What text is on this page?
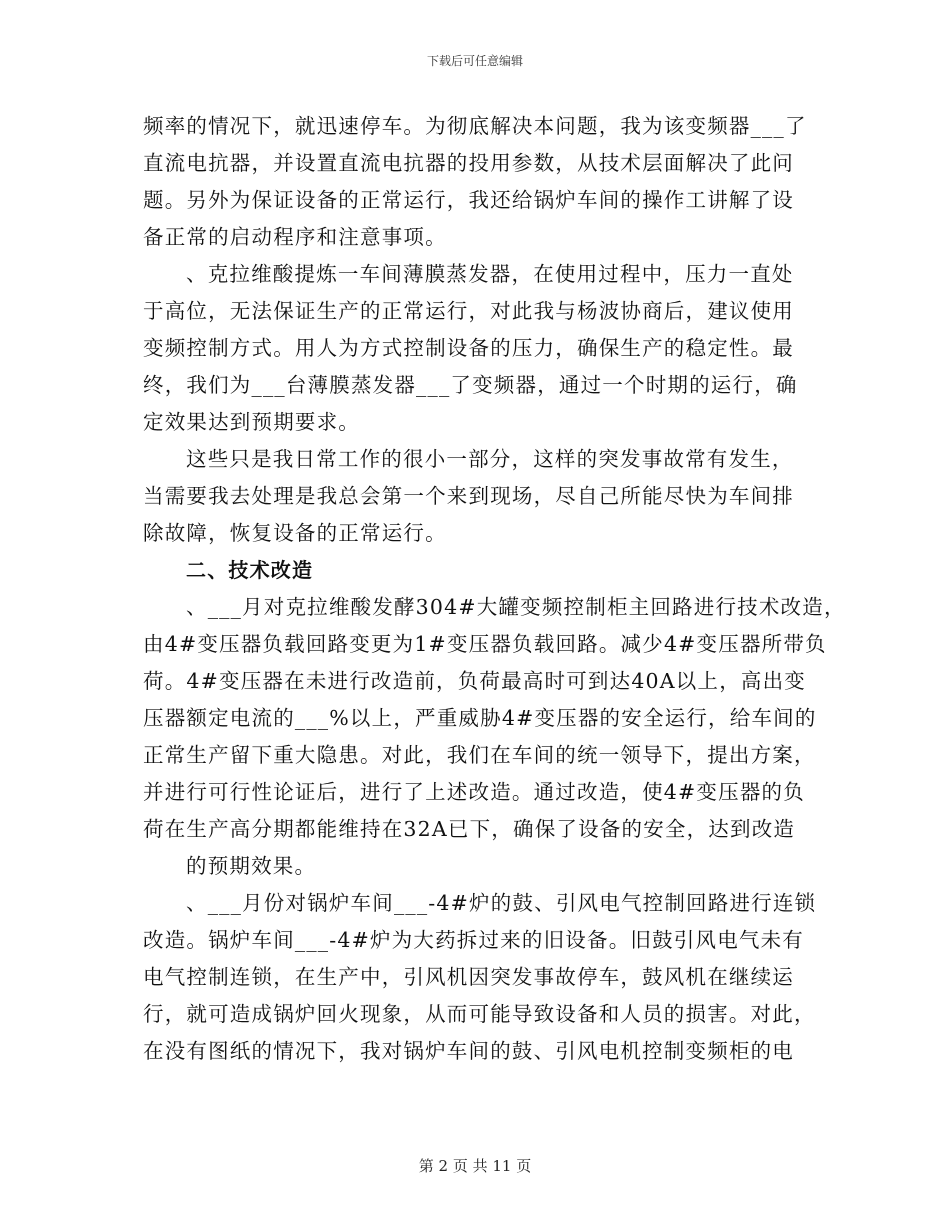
下载后可任意编辑
频率的情况下，就迅速停车。为彻底解决本问题，我为该变频器___了
直流电抗器，并设置直流电抗器的投用参数，从技术层面解决了此问
题。另外为保证设备的正常运行，我还给锅炉车间的操作工讲解了设
备正常的启动程序和注意事项。
、克拉维酸提炼一车间薄膜蒸发器，在使用过程中，压力一直处
于高位，无法保证生产的正常运行，对此我与杨波协商后，建议使用
变频控制方式。用人为方式控制设备的压力，确保生产的稳定性。最
终，我们为___台薄膜蒸发器___了变频器，通过一个时期的运行，确
定效果达到预期要求。
这些只是我日常工作的很小一部分，这样的突发事故常有发生，
当需要我去处理是我总会第一个来到现场，尽自己所能尽快为车间排
除故障，恢复设备的正常运行。
二、技术改造
、___月对克拉维酸发酵304#大罐变频控制柜主回路进行技术改造，
由4#变压器负载回路变更为1#变压器负载回路。减少4#变压器所带负
荷。4#变压器在未进行改造前，负荷最高时可到达40A以上，高出变
压器额定电流的___%以上，严重威胁4#变压器的安全运行，给车间的
正常生产留下重大隐患。对此，我们在车间的统一领导下，提出方案，
并进行可行性论证后，进行了上述改造。通过改造，使4#变压器的负
荷在生产高分期都能维持在32A已下，确保了设备的安全，达到改造
的预期效果。
、___月份对锅炉车间___-4#炉的鼓、引风电气控制回路进行连锁
改造。锅炉车间___-4#炉为大药拆过来的旧设备。旧鼓引风电气未有
电气控制连锁，在生产中，引风机因突发事故停车，鼓风机在继续运
行，就可造成锅炉回火现象，从而可能导致设备和人员的损害。对此，
在没有图纸的情况下，我对锅炉车间的鼓、引风电机控制变频柜的电
第 2 页 共 11 页
